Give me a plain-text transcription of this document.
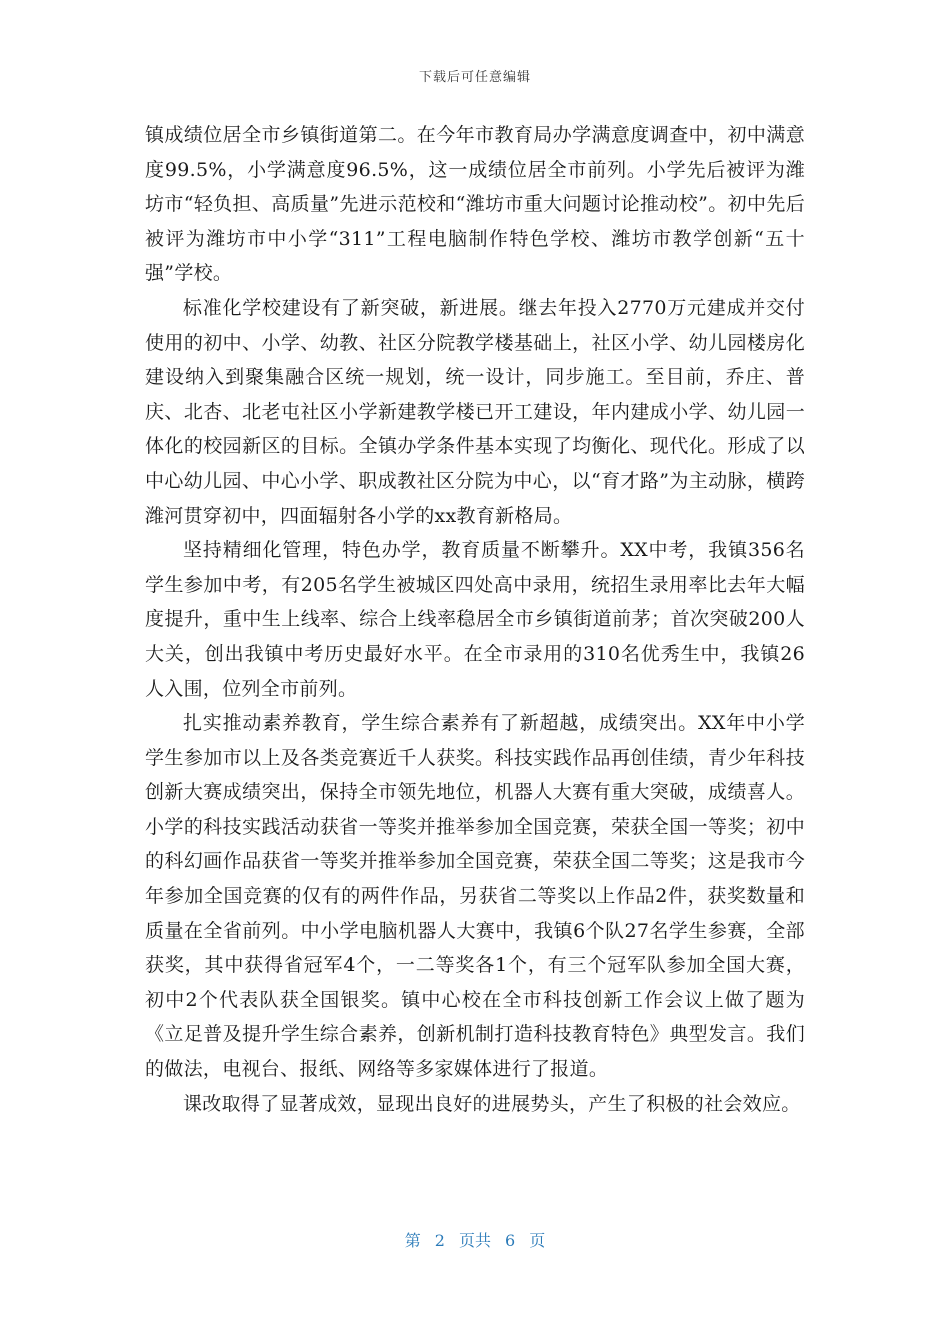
下载后可任意编辑

镇成绩位居全市乡镇街道第二。在今年市教育局办学满意度调查中，初中满意度99.5%，小学满意度96.5%，这一成绩位居全市前列。小学先后被评为潍坊市“轻负担、高质量”先进示范校和“潍坊市重大问题讨论推动校”。初中先后被评为潍坊市中小学“311”工程电脑制作特色学校、潍坊市教学创新“五十强”学校。

标准化学校建设有了新突破，新进展。继去年投入2770万元建成并交付使用的初中、小学、幼教、社区分院教学楼基础上，社区小学、幼儿园楼房化建设纳入到聚集融合区统一规划，统一设计，同步施工。至目前，乔庄、普庆、北杏、北老屯社区小学新建教学楼已开工建设，年内建成小学、幼儿园一体化的校园新区的目标。全镇办学条件基本实现了均衡化、现代化。形成了以中心幼儿园、中心小学、职成教社区分院为中心，以“育才路”为主动脉，横跨潍河贯穿初中，四面辐射各小学的xx教育新格局。

坚持精细化管理，特色办学，教育质量不断攀升。XX中考，我镇356名学生参加中考，有205名学生被城区四处高中录用，统招生录用率比去年大幅度提升，重中生上线率、综合上线率稳居全市乡镇街道前茅；首次突破200人大关，创出我镇中考历史最好水平。在全市录用的310名优秀生中，我镇26人入围，位列全市前列。

扎实推动素养教育，学生综合素养有了新超越，成绩突出。XX年中小学学生参加市以上及各类竞赛近千人获奖。科技实践作品再创佳绩，青少年科技创新大赛成绩突出，保持全市领先地位，机器人大赛有重大突破，成绩喜人。小学的科技实践活动获省一等奖并推举参加全国竞赛，荣获全国一等奖；初中的科幻画作品获省一等奖并推举参加全国竞赛，荣获全国二等奖；这是我市今年参加全国竞赛的仅有的两件作品，另获省二等奖以上作品2件，获奖数量和质量在全省前列。中小学电脑机器人大赛中，我镇6个队27名学生参赛，全部获奖，其中获得省冠军4个，一二等奖各1个，有三个冠军队参加全国大赛，初中2个代表队获全国银奖。镇中心校在全市科技创新工作会议上做了题为《立足普及提升学生综合素养，创新机制打造科技教育特色》典型发言。我们的做法，电视台、报纸、网络等多家媒体进行了报道。

课改取得了显著成效，显现出良好的进展势头，产生了积极的社会效应。

第 2 页共 6 页
